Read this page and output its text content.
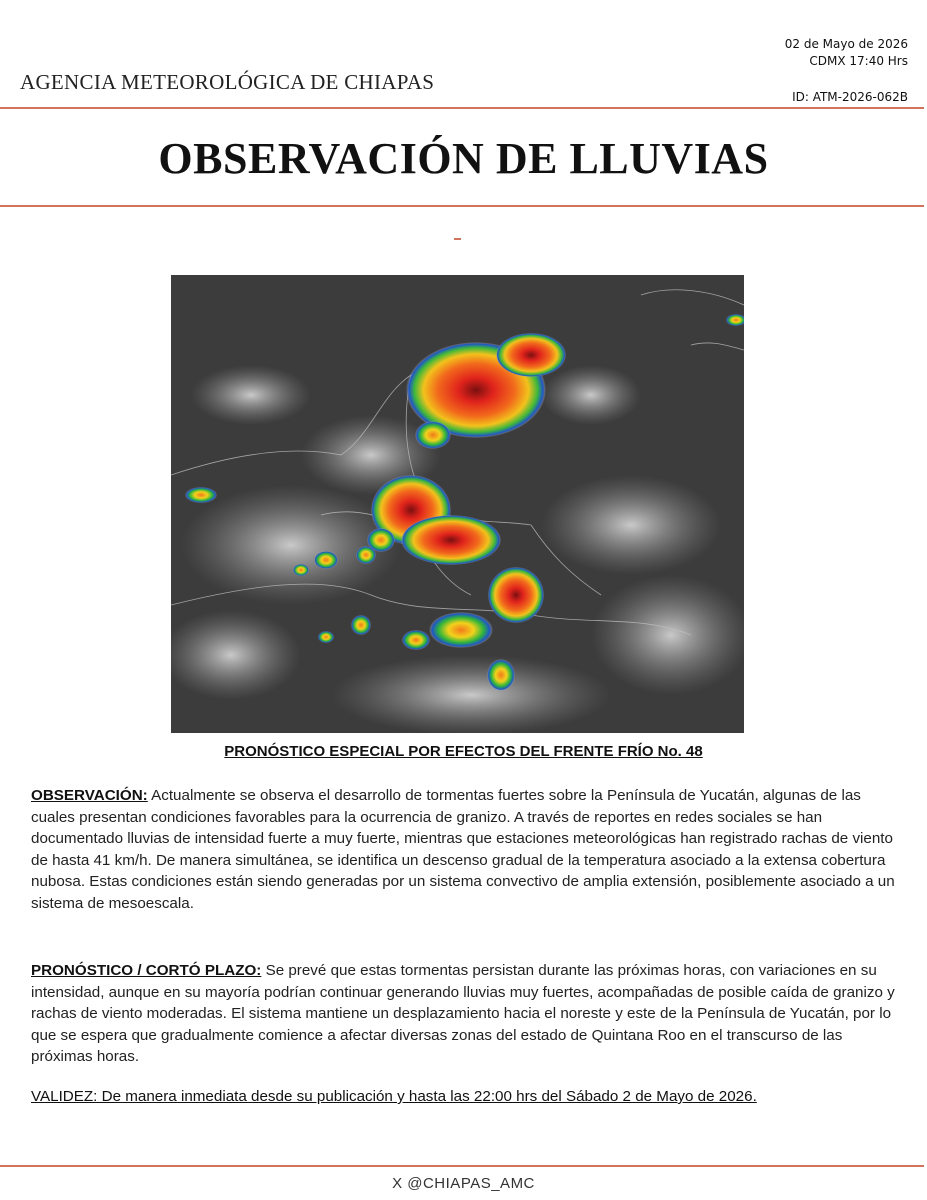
AGENCIA METEOROLÓGICA DE CHIAPAS
02 de Mayo de 2026
CDMX 17:40 Hrs
ID: ATM-2026-062B
OBSERVACIÓN DE LLUVIAS
PRONÓSTICO ESPECIAL POR EFECTOS DEL FRENTE FRÍO No. 48
OBSERVACIÓN: Actualmente se observa el desarrollo de tormentas fuertes sobre la Península de Yucatán, algunas de las cuales presentan condiciones favorables para la ocurrencia de granizo. A través de reportes en redes sociales se han documentado lluvias de intensidad fuerte a muy fuerte, mientras que estaciones meteorológicas han registrado rachas de viento de hasta 41 km/h. De manera simultánea, se identifica un descenso gradual de la temperatura asociado a la extensa cobertura nubosa. Estas condiciones están siendo generadas por un sistema convectivo de amplia extensión, posiblemente asociado a un sistema de mesoescala.
PRONÓSTICO / CORTÓ PLAZO: Se prevé que estas tormentas persistan durante las próximas horas, con variaciones en su intensidad, aunque en su mayoría podrían continuar generando lluvias muy fuertes, acompañadas de posible caída de granizo y rachas de viento moderadas. El sistema mantiene un desplazamiento hacia el noreste y este de la Península de Yucatán, por lo que se espera que gradualmente comience a afectar diversas zonas del estado de Quintana Roo en el transcurso de las próximas horas.
VALIDEZ: De manera inmediata desde su publicación y hasta las 22:00 hrs del Sábado 2 de Mayo de 2026.
X @CHIAPAS_AMC
